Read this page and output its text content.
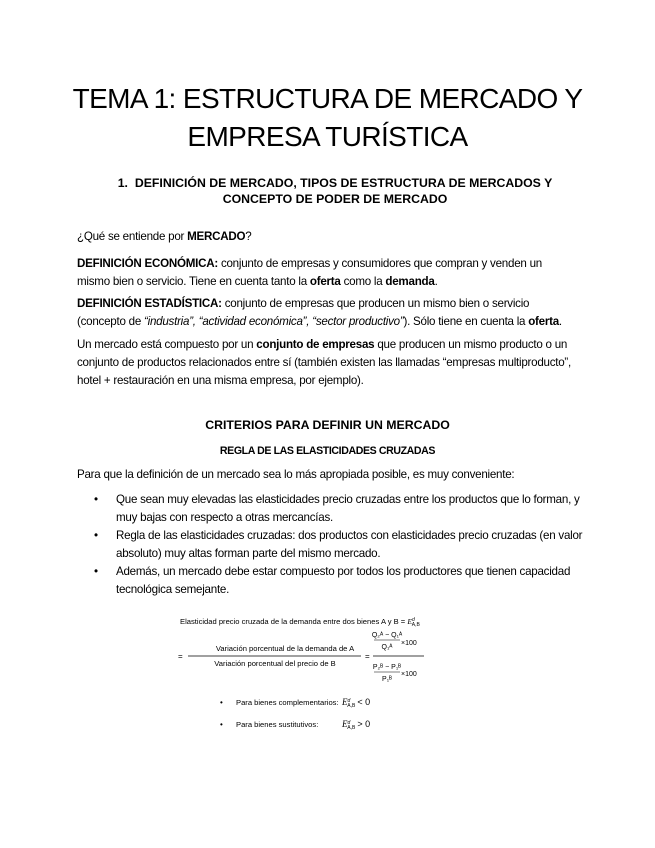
TEMA 1: ESTRUCTURA DE MERCADO Y
EMPRESA TURÍSTICA
1. DEFINICIÓN DE MERCADO, TIPOS DE ESTRUCTURA DE MERCADOS Y
CONCEPTO DE PODER DE MERCADO
¿Qué se entiende por MERCADO?
DEFINICIÓN ECONÓMICA: conjunto de empresas y consumidores que compran y venden un mismo bien o servicio. Tiene en cuenta tanto la oferta como la demanda.
DEFINICIÓN ESTADÍSTICA: conjunto de empresas que producen un mismo bien o servicio (concepto de “industria”, “actividad económica”, “sector productivo”). Sólo tiene en cuenta la oferta.
Un mercado está compuesto por un conjunto de empresas que producen un mismo producto o un conjunto de productos relacionados entre sí (también existen las llamadas “empresas multiproducto”, hotel + restauración en una misma empresa, por ejemplo).
CRITERIOS PARA DEFINIR UN MERCADO
REGLA DE LAS ELASTICIDADES CRUZADAS
Para que la definición de un mercado sea lo más apropiada posible, es muy conveniente:
• Que sean muy elevadas las elasticidades precio cruzadas entre los productos que lo forman, y muy bajas con respecto a otras mercancías.
• Regla de las elasticidades cruzadas: dos productos con elasticidades precio cruzadas (en valor absoluto) muy altas forman parte del mismo mercado.
• Además, un mercado debe estar compuesto por todos los productores que tienen capacidad tecnológica semejante.
Elasticidad precio cruzada de la demanda entre dos bienes A y $B = E^d$ A,B
=
Variación porcentual de la demanda de A
Variación porcentual del precio de B
=
Q₂ᴬ − Q₁ᴬ
Q₁ᴬ
×100
P₂ᴮ − P₁ᴮ
P₁ᴮ
×100
• Para bienes complementarios: $E^d$ A,B < 0
• Para bienes sustitutivos:	$E^d$ A,B > 0
